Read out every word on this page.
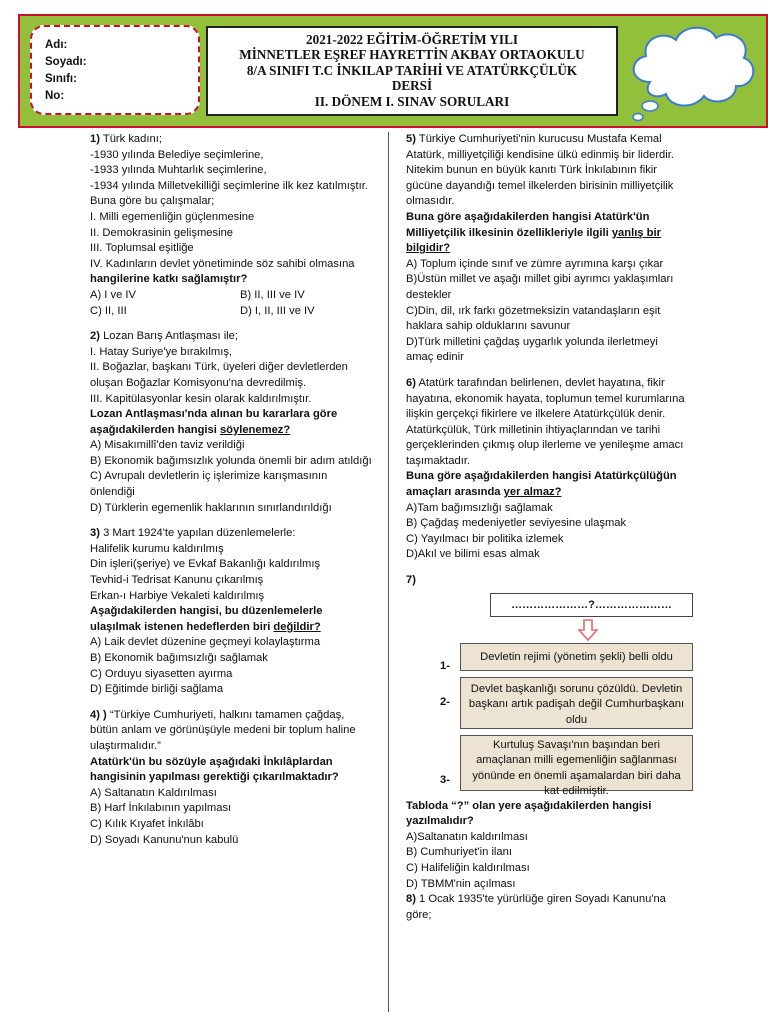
Adı:
Soyadı:
Sınıfı:
No:
2021-2022 EĞİTİM-ÖĞRETİM YILI
MİNNETLER EŞREF HAYRETTİN AKBAY ORTAOKULU
8/A SINIFI T.C İNKILAP TARİHİ VE ATATÜRKÇÜLÜK
DERSİ
II. DÖNEM I. SINAV SORULARI

1) Türk kadını;

-1930 yılında Belediye seçimlerine,

-1933 yılında Muhtarlık seçimlerine,

-1934 yılında Milletvekilliği seçimlerine ilk kez katılmıştır.

Buna göre bu çalışmalar;

I. Milli egemenliğin güçlenmesine

II. Demokrasinin gelişmesine

III. Toplumsal eşitliğe

IV. Kadınların devlet yönetiminde söz sahibi olmasına

hangilerine katkı sağlamıştır?

A) I ve IV	B) II, III ve IV
C) II, III	D) I, II, III ve IV

2) Lozan Barış Antlaşması ile;

I. Hatay Suriye'ye bırakılmış,

II. Boğazlar, başkanı Türk, üyeleri diğer devletlerden oluşan Boğazlar Komisyonu'na devredilmiş.

III. Kapitülasyonlar kesin olarak kaldırılmıştır.

Lozan Antlaşması'nda alınan bu kararlara göre aşağıdakilerden hangisi söylenemez?

A) Misakımillî'den taviz verildiği

B) Ekonomik bağımsızlık yolunda önemli bir adım atıldığı

C) Avrupalı devletlerin iç işlerimize karışmasının önlendiği

D) Türklerin egemenlik haklarının sınırlandırıldığı

3) 3 Mart 1924'te yapılan düzenlemelerle:

Halifelik kurumu kaldırılmış

Din işleri(şeriye) ve Evkaf Bakanlığı kaldırılmış

Tevhid-i Tedrisat Kanunu çıkarılmış

Erkan-ı Harbiye Vekaleti kaldırılmış

Aşağıdakilerden hangisi, bu düzenlemelerle ulaşılmak istenen hedeflerden biri değildir?

A) Laik devlet düzenine geçmeyi kolaylaştırma

B) Ekonomik bağımsızlığı sağlamak

C) Orduyu siyasetten ayırma

D) Eğitimde birliği sağlama

4) ) “Türkiye Cumhuriyeti, halkını tamamen çağdaş, bütün anlam ve görünüşüyle medeni bir toplum haline ulaştırmalıdır.”

Atatürk'ün bu sözüyle aşağıdaki İnkılâplardan hangisinin yapılması gerektiği çıkarılmaktadır?

A) Saltanatın Kaldırılması

B) Harf İnkılabının yapılması

C) Kılık Kıyafet İnkılâbı

D) Soyadı Kanunu'nun kabulü

5) Türkiye Cumhuriyeti'nin kurucusu Mustafa Kemal Atatürk, milliyetçiliği kendisine ülkü edinmiş bir liderdir. Nitekim bunun en büyük kanıtı Türk İnkılabının fikir gücüne dayandığı temel ilkelerden birisinin milliyetçilik olmasıdır.

Buna göre aşağıdakilerden hangisi Atatürk'ün Milliyetçilik ilkesinin özellikleriyle ilgili yanlış bir bilgidir?

A) Toplum içinde sınıf ve zümre ayrımına karşı çıkar

B)Üstün millet ve aşağı millet gibi ayrımcı yaklaşımları destekler

C)Din, dil, ırk farkı gözetmeksizin vatandaşların eşit haklara sahip olduklarını savunur

D)Türk milletini çağdaş uygarlık yolunda ilerletmeyi amaç edinir

6) Atatürk tarafından belirlenen, devlet hayatına, fikir hayatına, ekonomik hayata, toplumun temel kurumlarına ilişkin gerçekçi fikirlere ve ilkelere Atatürkçülük denir. Atatürkçülük, Türk milletinin ihtiyaçlarından ve tarihi gerçeklerinden çıkmış olup ilerleme ve yenileşme amacı taşımaktadır.

Buna göre aşağıdakilerden hangisi Atatürkçülüğün amaçları arasında yer almaz?

A)Tam bağımsızlığı sağlamak

B) Çağdaş medeniyetler seviyesine ulaşmak

C) Yayılmacı bir politika izlemek

D)Akıl ve bilimi esas almak

7)

…………………?…………………
1-
Devletin rejimi (yönetim şekli) belli oldu
2-
Devlet başkanlığı sorunu çözüldü. Devletin başkanı artık padişah değil Cumhurbaşkanı oldu
3-
Kurtuluş Savaşı'nın başından beri amaçlanan milli egemenliğin sağlanması yönünde en önemli aşamalardan biri daha kat edilmiştir.

Tabloda “?” olan yere aşağıdakilerden hangisi yazılmalıdır?

A)Saltanatın kaldırılması

B) Cumhuriyet'in ilanı

C) Halifeliğin kaldırılması

D) TBMM'nin açılması

8) 1 Ocak 1935'te yürürlüğe giren Soyadı Kanunu'na göre;
